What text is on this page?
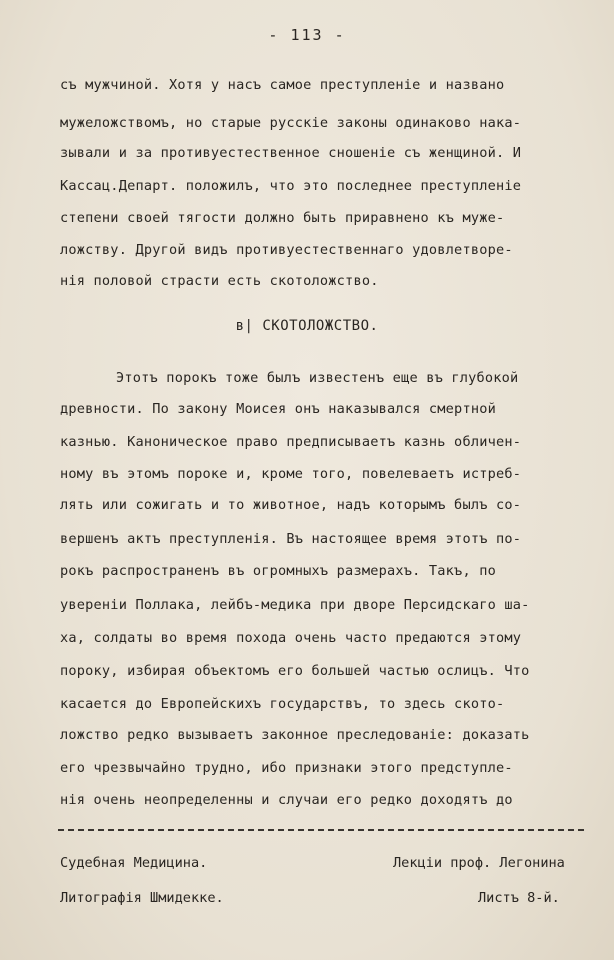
- 113 -
съ мужчиной. Хотя у насъ самое преступленіе и названо
мужеложствомъ, но старые русскіе законы одинаково нака-
зывали и за противуестественное сношеніе съ женщиной. И
Кассац.Департ. положилъ, что это последнее преступленіе
степени своей тягости должно быть приравнено къ муже-
ложству. Другой видъ противуестественнаго удовлетворе-
нія половой страсти есть скотоложство.
в| СКОТОЛОЖСТВО.
Этотъ порокъ тоже былъ известенъ еще въ глубокой
древности. По закону Моисея онъ наказывался смертной
казнью. Каноническое право предписываетъ казнь обличен-
ному въ этомъ пороке и, кроме того, повелеваетъ истреб-
лять или сожигать и то животное, надъ которымъ былъ со-
вершенъ актъ преступленія. Въ настоящее время этотъ по-
рокъ распространенъ въ огромныхъ размерахъ. Такъ, по
увереніи Поллака, лейбъ-медика при дворе Персидскаго ша-
ха, солдаты во время похода очень часто предаются этому
пороку, избирая объектомъ его большей частью ослицъ. Что
касается до Европейскихъ государствъ, то здесь ското-
ложство редко вызываетъ законное преследованіе: доказать
его чрезвычайно трудно, ибо признаки этого предступле-
нія очень неопределенны и случаи его редко доходятъ до
Судебная Медицина.	Лекціи проф. Легонина
Литографія Шмидекке.	Листъ 8-й.
